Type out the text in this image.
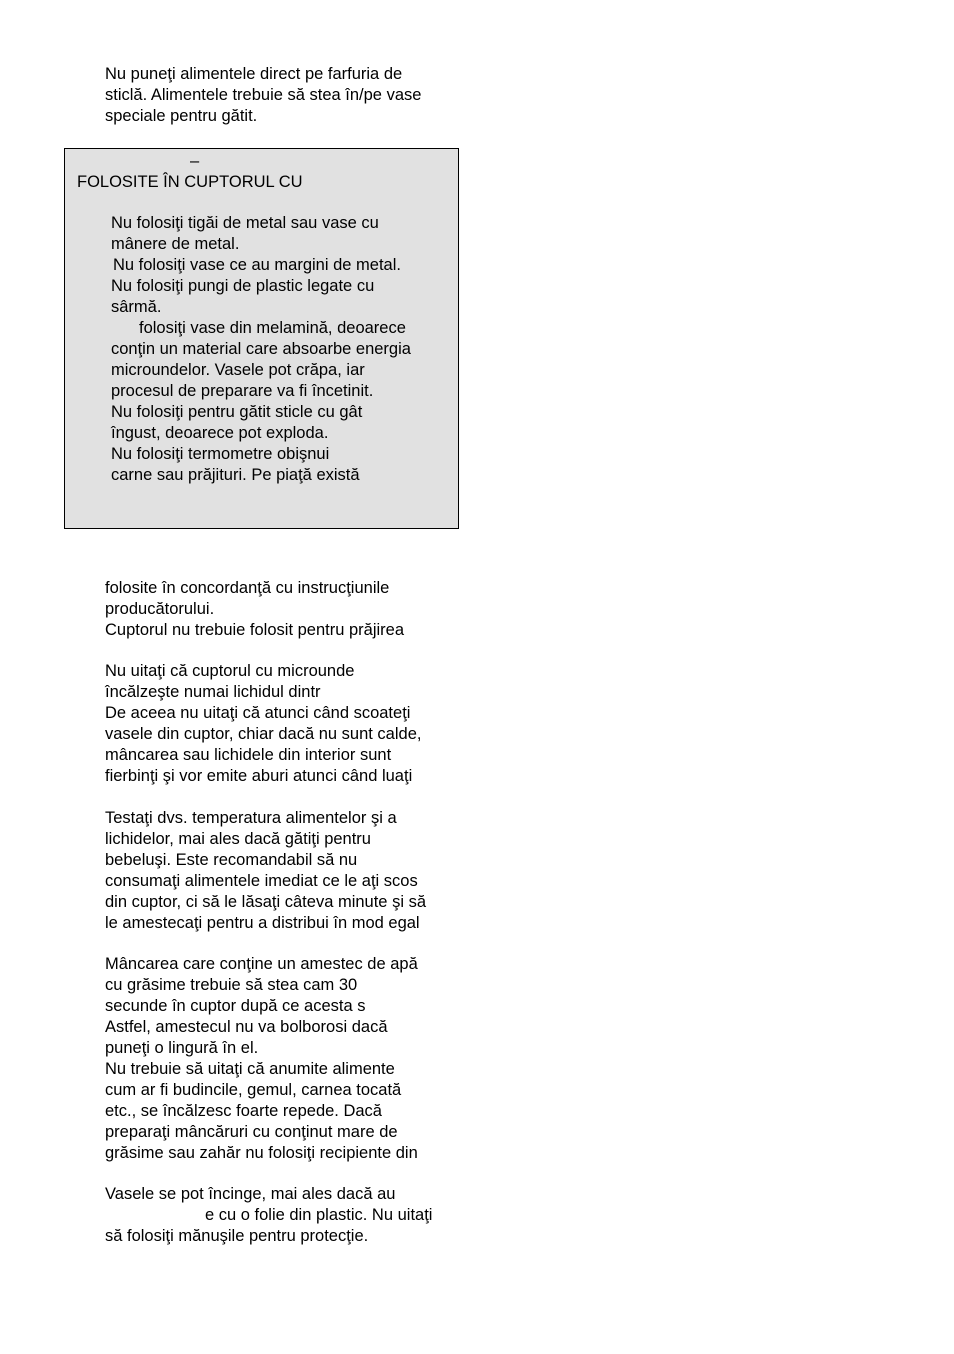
Nu puneţi alimentele direct pe farfuria de
sticlă. Alimentele trebuie să stea în/pe vase
speciale pentru gătit.
–
FOLOSITE ÎN CUPTORUL CU
Nu folosiţi tigăi de metal sau vase cu
mânere de metal.
Nu folosiţi vase ce au margini de metal.
Nu folosiţi pungi de plastic legate cu
sârmă.
folosiţi vase din melamină, deoarece
conţin un material care absoarbe energia
microundelor. Vasele pot crăpa, iar
procesul de preparare va fi încetinit.
Nu folosiţi pentru gătit sticle cu gât
îngust, deoarece pot exploda.
Nu folosiţi termometre obişnui
carne sau prăjituri. Pe piaţă există
folosite în concordanţă cu instrucţiunile
producătorului.
Cuptorul nu trebuie folosit pentru prăjirea
Nu uitaţi că cuptorul cu microunde
încălzeşte numai lichidul dintr
De aceea nu uitaţi că atunci când scoateţi
vasele din cuptor, chiar dacă nu sunt calde,
mâncarea sau lichidele din interior sunt
fierbinţi şi vor emite aburi atunci când luaţi
Testaţi dvs. temperatura alimentelor şi a
lichidelor, mai ales dacă gătiţi pentru
bebeluşi. Este recomandabil să nu
consumaţi alimentele imediat ce le aţi scos
din cuptor, ci să le lăsaţi câteva minute şi să
le amestecaţi pentru a distribui în mod egal
Mâncarea care conţine un amestec de apă
cu grăsime trebuie să stea cam 30
secunde în cuptor după ce acesta s
Astfel, amestecul nu va bolborosi dacă
puneţi o lingură în el.
Nu trebuie să uitaţi că anumite alimente
cum ar fi budincile, gemul, carnea tocată
etc., se încălzesc foarte repede. Dacă
preparaţi mâncăruri cu conţinut mare de
grăsime sau zahăr nu folosiţi recipiente din
Vasele se pot încinge, mai ales dacă au
e cu o folie din plastic. Nu uitaţi
să folosiţi mănuşile pentru protecţie.
